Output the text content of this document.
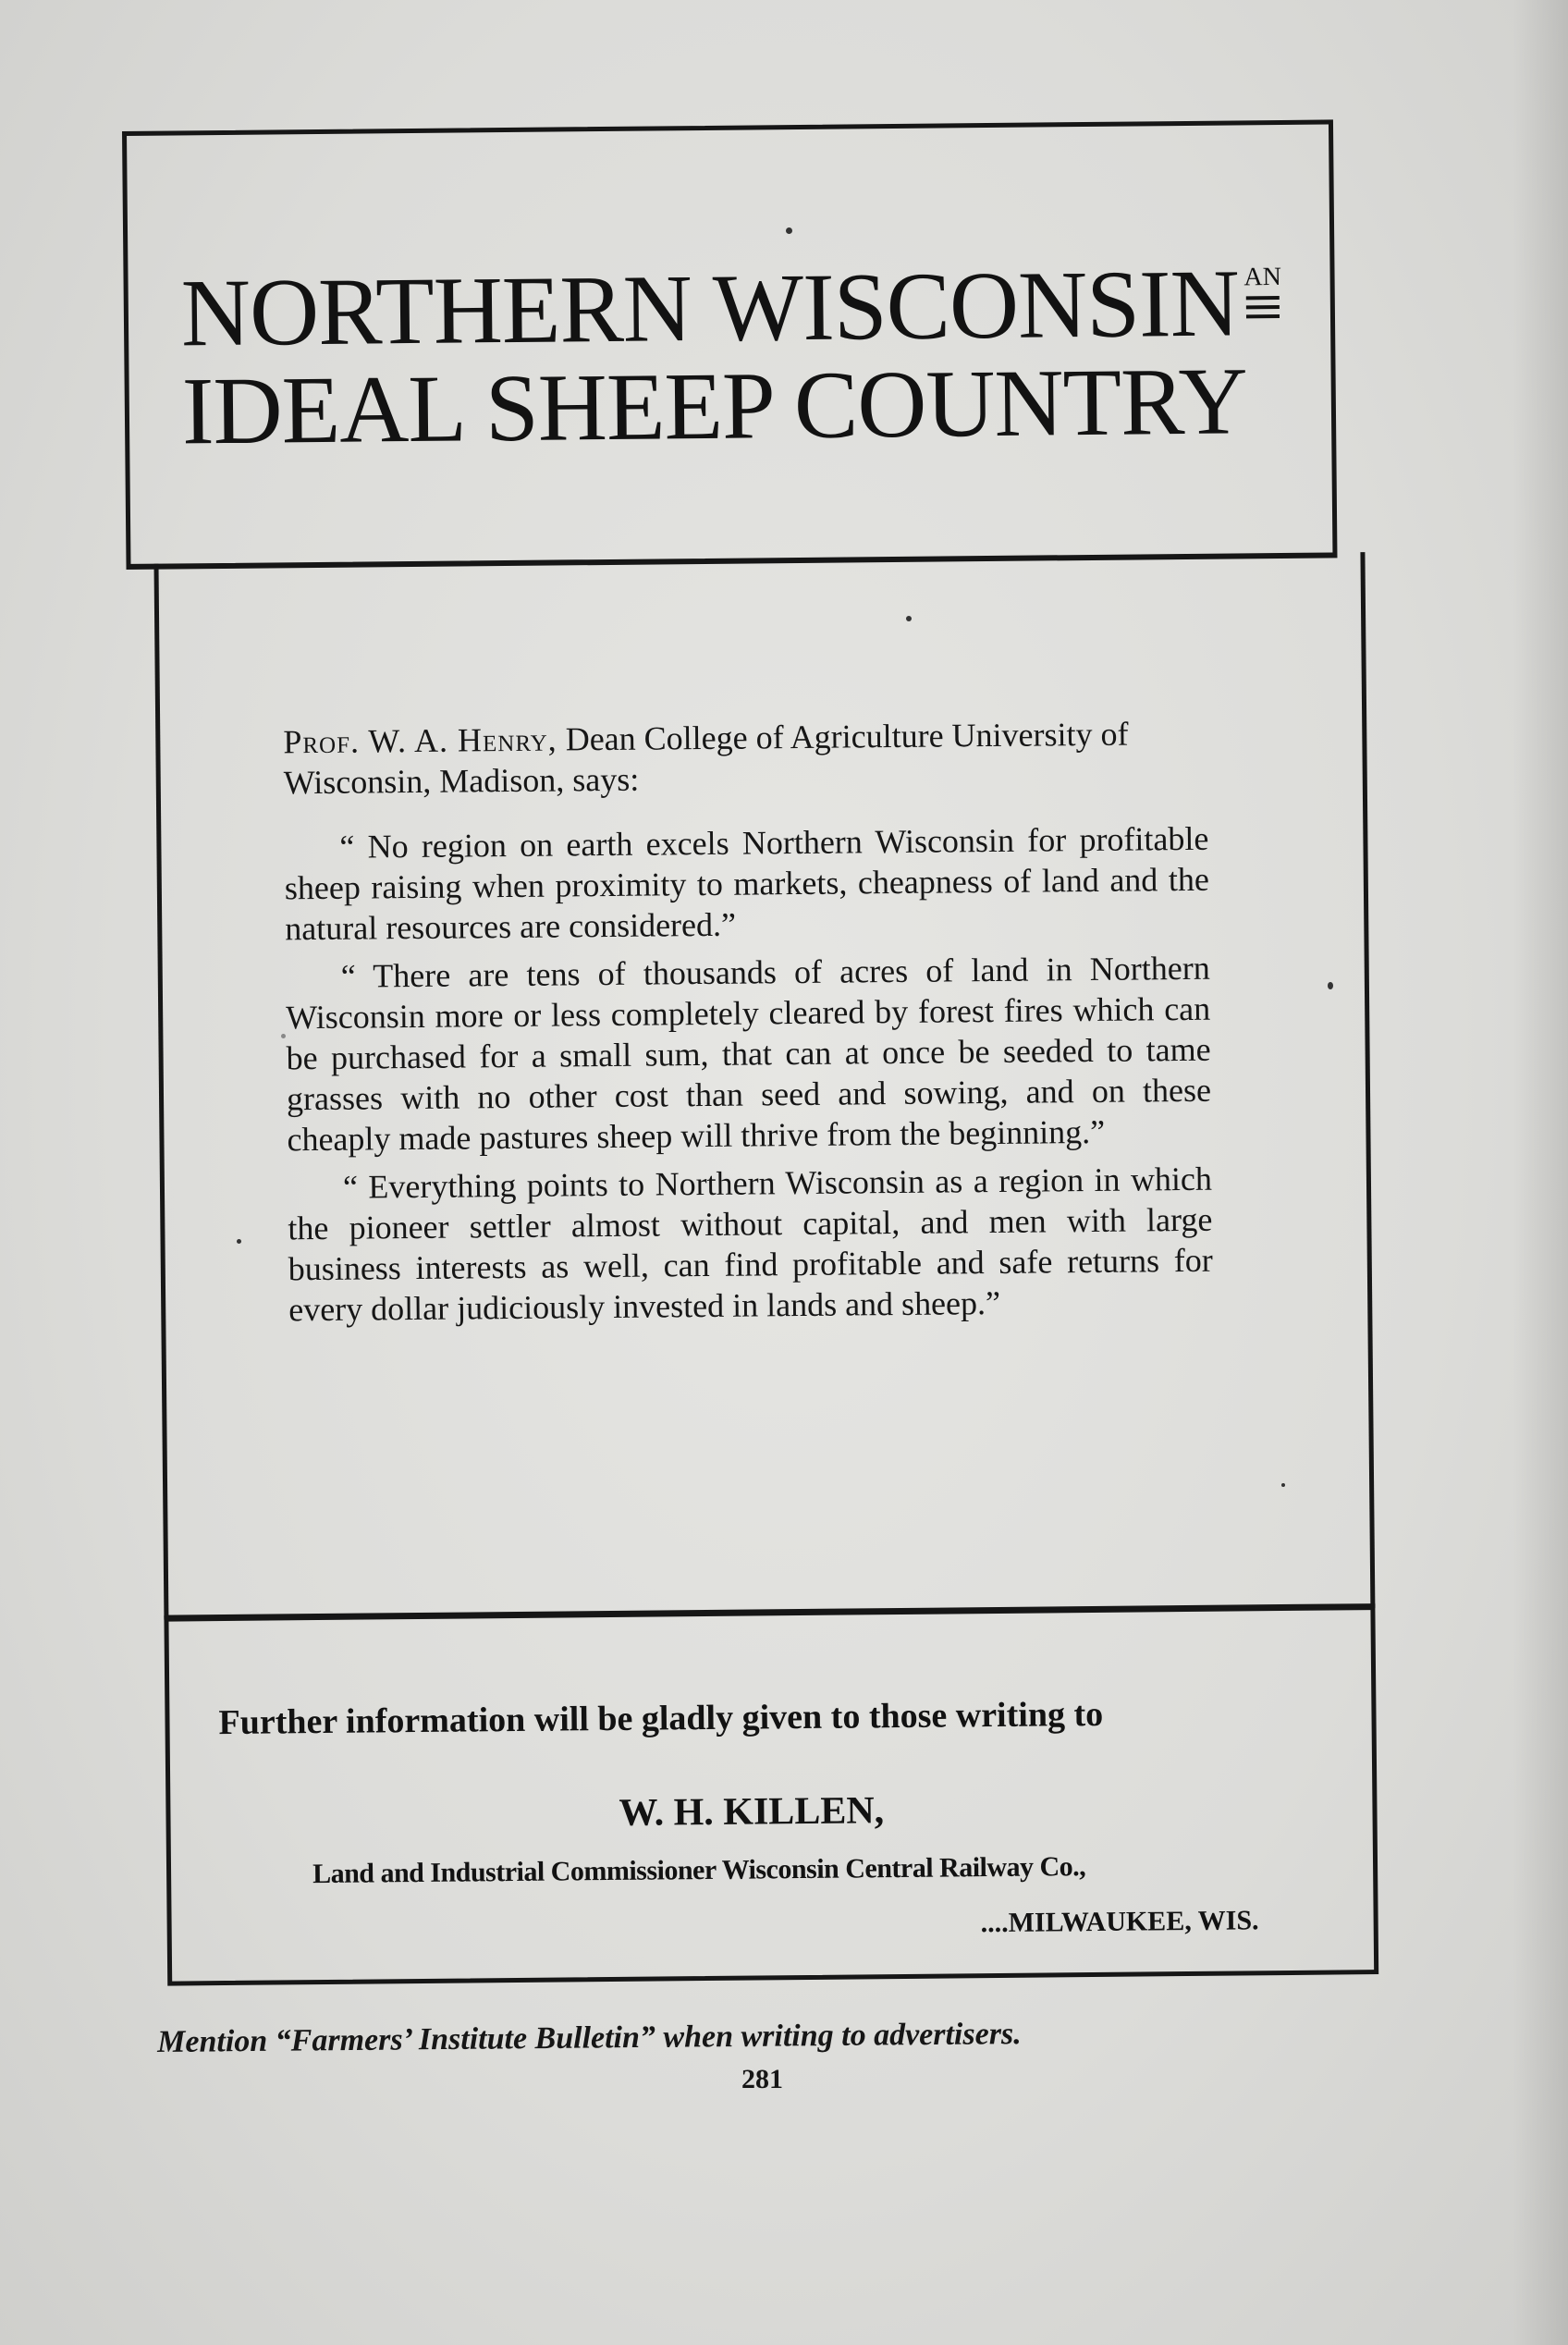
NORTHERN WISCONSIN AN
IDEAL SHEEP COUNTRY

Prof. W. A. Henry, Dean College of Agriculture University of Wisconsin, Madison, says:

“ No region on earth excels Northern Wisconsin for profitable sheep raising when proximity to markets, cheapness of land and the natural resources are considered.”

“ There are tens of thousands of acres of land in Northern Wisconsin more or less completely cleared by forest fires which can be purchased for a small sum, that can at once be seeded to tame grasses with no other cost than seed and sowing, and on these cheaply made pastures sheep will thrive from the beginning.”

“ Everything points to Northern Wisconsin as a region in which the pioneer settler almost without capital, and men with large business interests as well, can find profitable and safe returns for every dollar judiciously invested in lands and sheep.”

Further information will be gladly given to those writing to
W. H. KILLEN,
Land and Industrial Commissioner Wisconsin Central Railway Co.,
....MILWAUKEE, WIS.
Mention “Farmers’ Institute Bulletin” when writing to advertisers.
281
